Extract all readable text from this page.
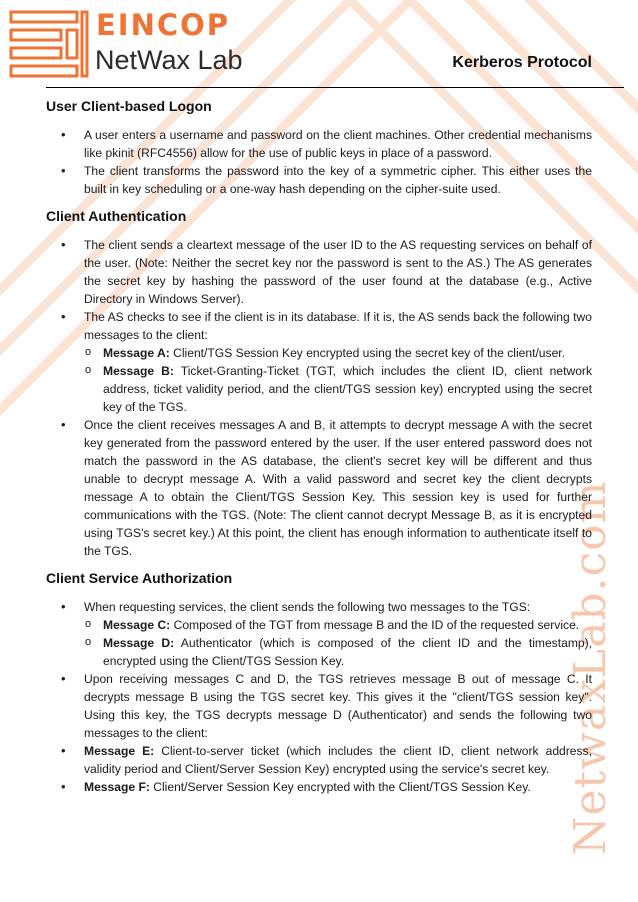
EINCOP
NetWax Lab	Kerberos Protocol
NetwaxLab.com
User Client-based Logon
• A user enters a username and password on the client machines. Other credential mechanisms like pkinit (RFC4556) allow for the use of public keys in place of a password.
• The client transforms the password into the key of a symmetric cipher. This either uses the built in key scheduling or a one-way hash depending on the cipher-suite used.
Client Authentication
• The client sends a cleartext message of the user ID to the AS requesting services on behalf of the user. (Note: Neither the secret key nor the password is sent to the AS.) The AS generates the secret key by hashing the password of the user found at the database (e.g., Active Directory in Windows Server).
• The AS checks to see if the client is in its database. If it is, the AS sends back the following two messages to the client:
o Message A: Client/TGS Session Key encrypted using the secret key of the client/user.
o Message B: Ticket-Granting-Ticket (TGT, which includes the client ID, client network address, ticket validity period, and the client/TGS session key) encrypted using the secret key of the TGS.
• Once the client receives messages A and B, it attempts to decrypt message A with the secret key generated from the password entered by the user. If the user entered password does not match the password in the AS database, the client's secret key will be different and thus unable to decrypt message A. With a valid password and secret key the client decrypts message A to obtain the Client/TGS Session Key. This session key is used for further communications with the TGS. (Note: The client cannot decrypt Message B, as it is encrypted using TGS's secret key.) At this point, the client has enough information to authenticate itself to the TGS.
Client Service Authorization
• When requesting services, the client sends the following two messages to the TGS:
o Message C: Composed of the TGT from message B and the ID of the requested service.
o Message D: Authenticator (which is composed of the client ID and the timestamp), encrypted using the Client/TGS Session Key.
• Upon receiving messages C and D, the TGS retrieves message B out of message C. It decrypts message B using the TGS secret key. This gives it the "client/TGS session key". Using this key, the TGS decrypts message D (Authenticator) and sends the following two messages to the client:
• Message E: Client-to-server ticket (which includes the client ID, client network address, validity period and Client/Server Session Key) encrypted using the service's secret key.
• Message F: Client/Server Session Key encrypted with the Client/TGS Session Key.
